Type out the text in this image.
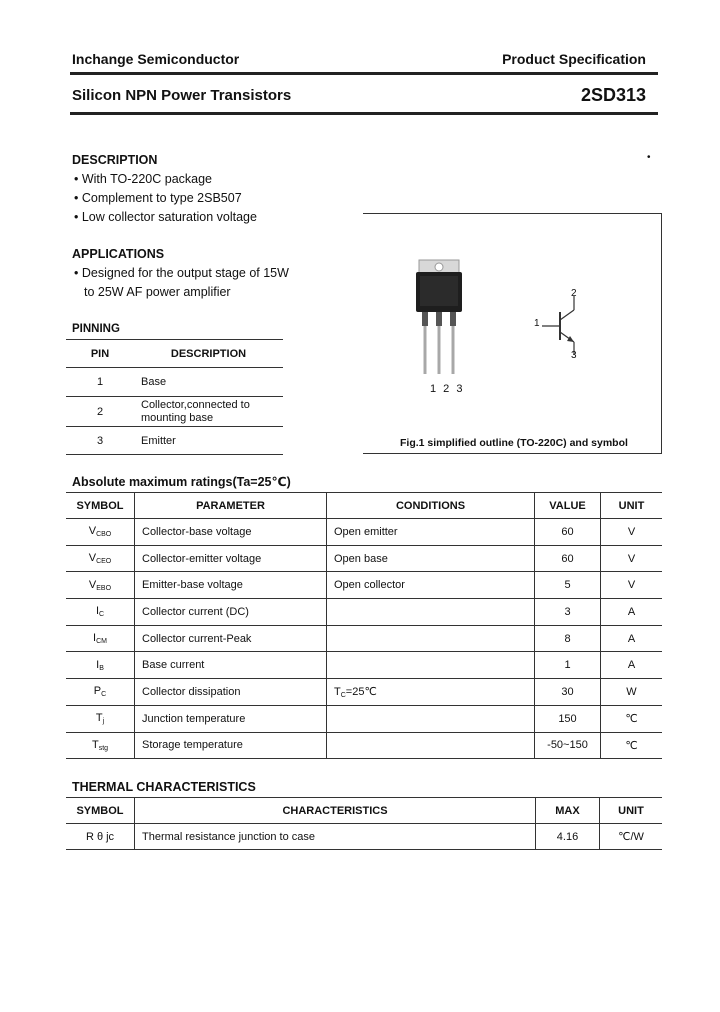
Inchange Semiconductor	Product Specification
Silicon NPN Power Transistors	2SD313
DESCRIPTION
• With TO-220C package
• Complement to type 2SB507
• Low collector saturation voltage
•
APPLICATIONS
• Designed for the output stage of 15W
to 25W AF power amplifier
PINNING
PIN	DESCRIPTION
1	Base
2	Collector,connected to mounting base
3	Emitter
1 2 3
1
2
3
Fig.1 simplified outline (TO-220C) and symbol
Absolute maximum ratings(Ta=25℃)
SYMBOL	PARAMETER	CONDITIONS	VALUE	UNIT
$V_{CBO}$	Collector-base voltage	Open emitter	60	V
$V_{CEO}$	Collector-emitter voltage	Open base	60	V
$V_{EBO}$	Emitter-base voltage	Open collector	5	V
$I_C$	Collector current (DC)		3	A
$I_{CM}$	Collector current-Peak		8	A
$I_B$	Base current		1	A
$P_C$	Collector dissipation	$T_C=25℃$	30	W
$T_j$	Junction temperature		150	℃
$T_{stg}$	Storage temperature		-50~150	℃
THERMAL CHARACTERISTICS
SYMBOL	CHARACTERISTICS	MAX	UNIT
R θ jc	Thermal resistance junction to case	4.16	℃/W
